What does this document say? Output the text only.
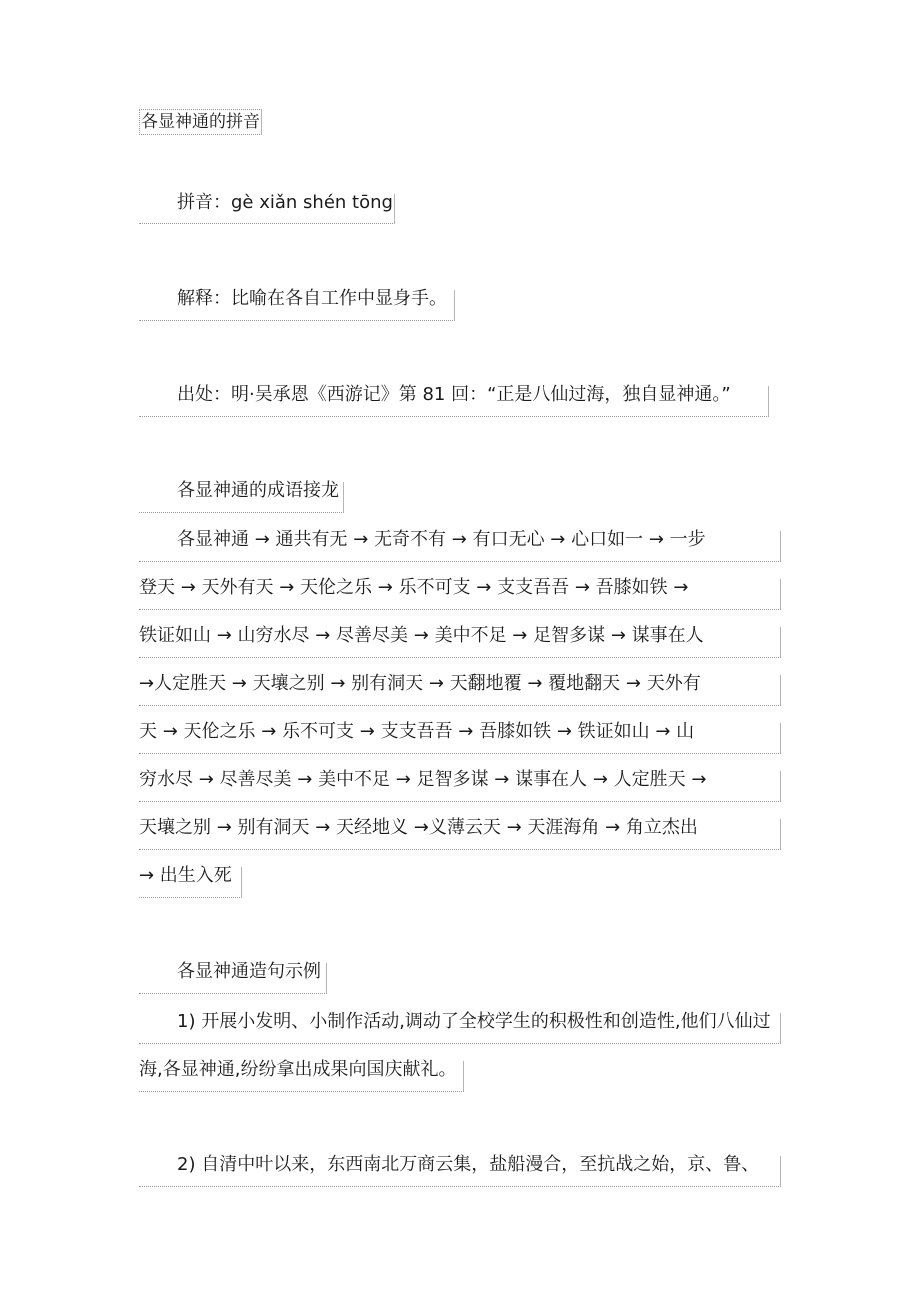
各显神通的拼音
拼音：gè xiǎn shén tōng
解释：比喻在各自工作中显身手。
出处：明·吴承恩《西游记》第 81 回：“正是八仙过海，独自显神通。”
各显神通的成语接龙
各显神通 → 通共有无 → 无奇不有 → 有口无心 → 心口如一 → 一步
登天 → 天外有天 → 天伦之乐 → 乐不可支 → 支支吾吾 → 吾膝如铁 →
铁证如山 → 山穷水尽 → 尽善尽美 → 美中不足 → 足智多谋 → 谋事在人
→人定胜天 → 天壤之别 → 别有洞天 → 天翻地覆 → 覆地翻天 → 天外有
天 → 天伦之乐 → 乐不可支 → 支支吾吾 → 吾膝如铁 → 铁证如山 → 山
穷水尽 → 尽善尽美 → 美中不足 → 足智多谋 → 谋事在人 → 人定胜天 →
天壤之别 → 别有洞天 → 天经地义 →义薄云天 → 天涯海角 → 角立杰出
→ 出生入死
各显神通造句示例
1) 开展小发明、小制作活动,调动了全校学生的积极性和创造性,他们八仙过
海,各显神通,纷纷拿出成果向国庆献礼。
2) 自清中叶以来，东西南北万商云集，盐船漫合，至抗战之始，京、鲁、
